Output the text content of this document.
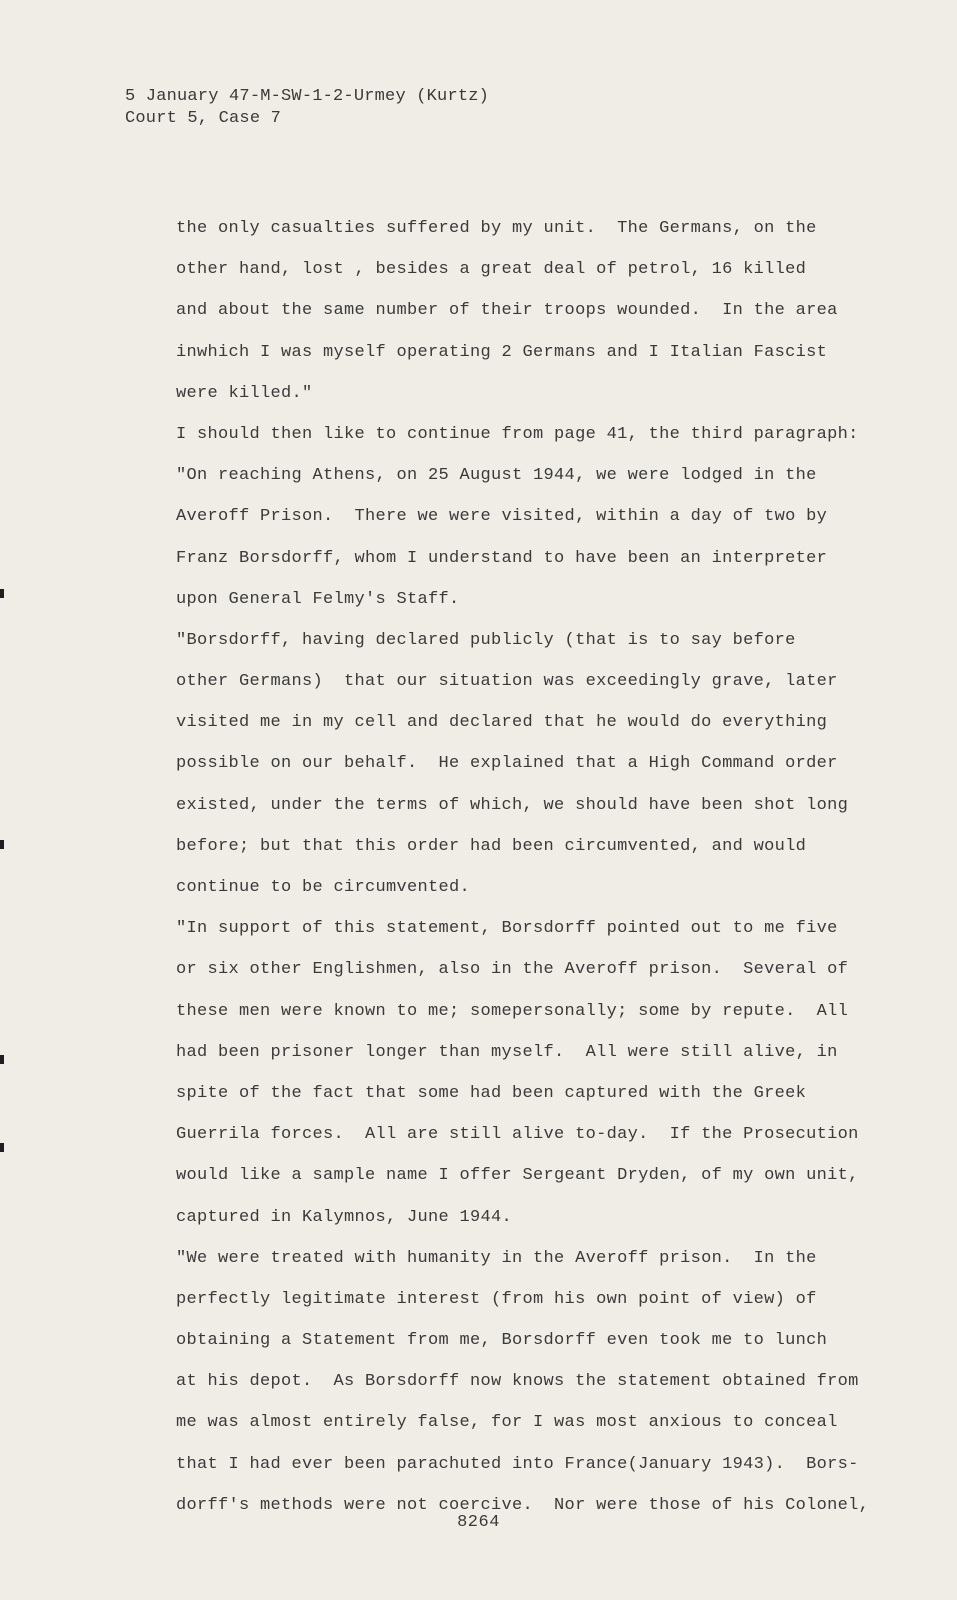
5 January 47-M-SW-1-2-Urmey (Kurtz)
Court 5, Case 7
the only casualties suffered by my unit.  The Germans, on the
other hand, lost , besides a great deal of petrol, 16 killed
and about the same number of their troops wounded.  In the area
inwhich I was myself operating 2 Germans and I Italian Fascist
were killed."
I should then like to continue from page 41, the third paragraph:
"On reaching Athens, on 25 August 1944, we were lodged in the
Averoff Prison.  There we were visited, within a day of two by
Franz Borsdorff, whom I understand to have been an interpreter
upon General Felmy's Staff.
"Borsdorff, having declared publicly (that is to say before
other Germans)  that our situation was exceedingly grave, later
visited me in my cell and declared that he would do everything
possible on our behalf.  He explained that a High Command order
existed, under the terms of which, we should have been shot long
before; but that this order had been circumvented, and would
continue to be circumvented.
"In support of this statement, Borsdorff pointed out to me five
or six other Englishmen, also in the Averoff prison.  Several of
these men were known to me; somepersonally; some by repute.  All
had been prisoner longer than myself.  All were still alive, in
spite of the fact that some had been captured with the Greek
Guerrila forces.  All are still alive to-day.  If the Prosecution
would like a sample name I offer Sergeant Dryden, of my own unit,
captured in Kalymnos, June 1944.
"We were treated with humanity in the Averoff prison.  In the
perfectly legitimate interest (from his own point of view) of
obtaining a Statement from me, Borsdorff even took me to lunch
at his depot.  As Borsdorff now knows the statement obtained from
me was almost entirely false, for I was most anxious to conceal
that I had ever been parachuted into France(January 1943).  Bors-
dorff's methods were not coercive.  Nor were those of his Colonel,
8264
